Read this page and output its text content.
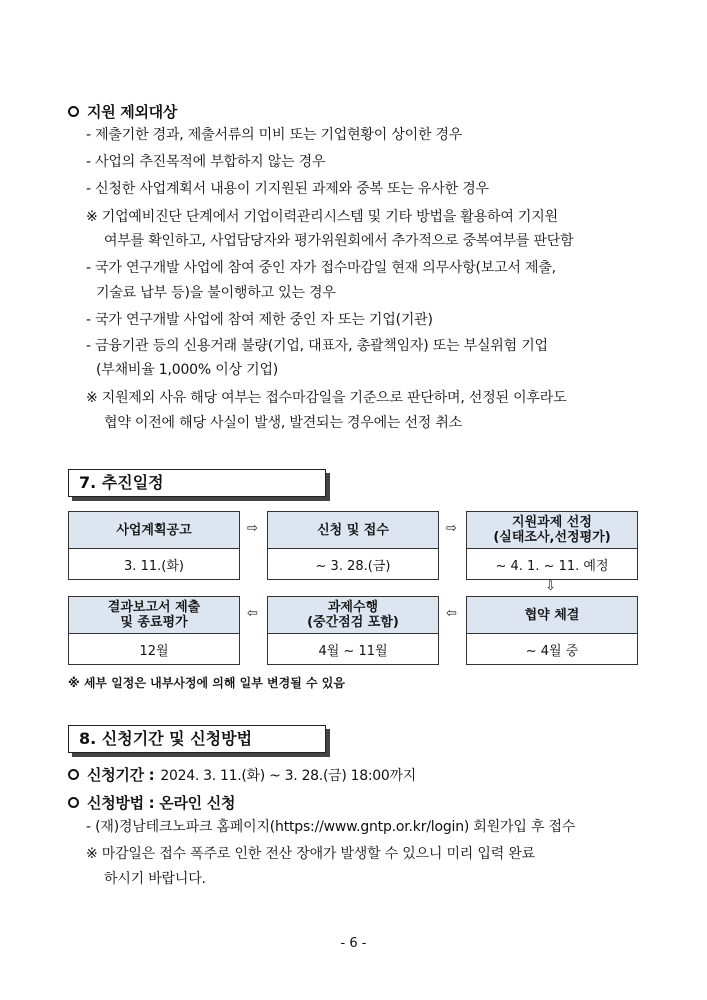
지원 제외대상
- 제출기한 경과, 제출서류의 미비 또는 기업현황이 상이한 경우
- 사업의 추진목적에 부합하지 않는 경우
- 신청한 사업계획서 내용이 기지원된 과제와 중복 또는 유사한 경우
※ 기업예비진단 단계에서 기업이력관리시스템 및 기타 방법을 활용하여 기지원
여부를 확인하고, 사업담당자와 평가위원회에서 추가적으로 중복여부를 판단함
- 국가 연구개발 사업에 참여 중인 자가 접수마감일 현재 의무사항(보고서 제출,
기술료 납부 등)을 불이행하고 있는 경우
- 국가 연구개발 사업에 참여 제한 중인 자 또는 기업(기관)
- 금융기관 등의 신용거래 불량(기업, 대표자, 총괄책임자) 또는 부실위험 기업
(부채비율 1,000% 이상 기업)
※ 지원제외 사유 해당 여부는 접수마감일을 기준으로 판단하며, 선정된 이후라도
협약 이전에 해당 사실이 발생, 발견되는 경우에는 선정 취소
7. 추진일정
사업계획공고
3. 11.(화)
⇨	신청 및 접수
~ 3. 28.(금)
⇨	지원과제 선정
(실태조사,선정평가)
~ 4. 1. ~ 11. 예정
⇩
결과보고서 제출
및 종료평가
12월
⇦	과제수행
(중간점검 포함)
4월 ~ 11월
⇦	협약 체결
~ 4월 중
※ 세부 일정은 내부사정에 의해 일부 변경될 수 있음
8. 신청기간 및 신청방법
신청기간 : 2024. 3. 11.(화) ~ 3. 28.(금) 18:00까지
신청방법 : 온라인 신청
- (재)경남테크노파크 홈페이지(https://www.gntp.or.kr/login) 회원가입 후 접수
※ 마감일은 접수 폭주로 인한 전산 장애가 발생할 수 있으니 미리 입력 완료
하시기 바랍니다.
- 6 -
